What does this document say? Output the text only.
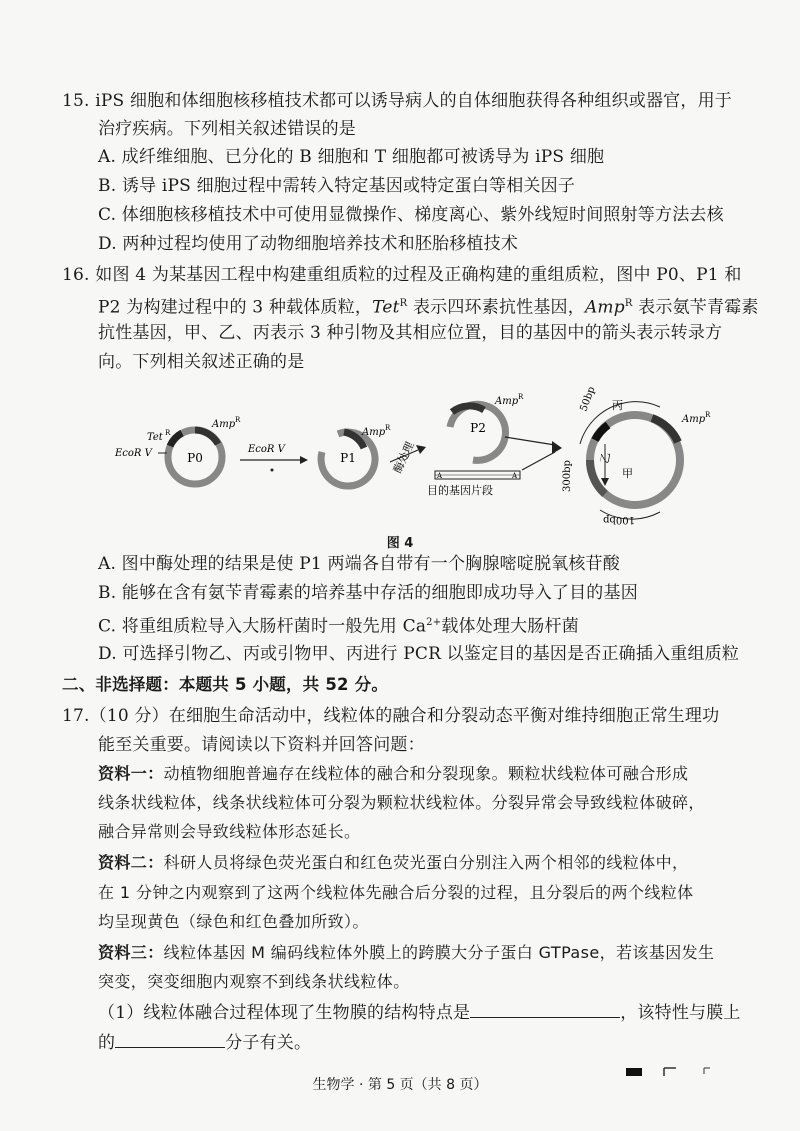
15. iPS 细胞和体细胞核移植技术都可以诱导病人的自体细胞获得各种组织或器官，用于
治疗疾病。下列相关叙述错误的是
A. 成纤维细胞、已分化的 B 细胞和 T 细胞都可被诱导为 iPS 细胞
B. 诱导 iPS 细胞过程中需转入特定基因或特定蛋白等相关因子
C. 体细胞核移植技术中可使用显微操作、梯度离心、紫外线短时间照射等方法去核
D. 两种过程均使用了动物细胞培养技术和胚胎移植技术
16. 如图 4 为某基因工程中构建重组质粒的过程及正确构建的重组质粒，图中 P0、P1 和
P2 为构建过程中的 3 种载体质粒，Tet$^R$ 表示四环素抗性基因，Amp$^R$ 表示氨苄青霉素
抗性基因，甲、乙、丙表示 3 种引物及其相应位置，目的基因中的箭头表示转录方
向。下列相关叙述正确的是
P0
Amp R
Tet R
EcoR V	EcoR V
P1
Amp R
酶处理
P2
Amp R
A	A
目的基因片段
Amp R
50bp 丙
300bp
乙
甲
100bp
图 4
A. 图中酶处理的结果是使 P1 两端各自带有一个胸腺嘧啶脱氧核苷酸
B. 能够在含有氨苄青霉素的培养基中存活的细胞即成功导入了目的基因
C. 将重组质粒导入大肠杆菌时一般先用 $Ca^{2+}$载体处理大肠杆菌
D. 可选择引物乙、丙或引物甲、丙进行 PCR 以鉴定目的基因是否正确插入重组质粒
二、非选择题：本题共 5 小题，共 52 分。
17.（10 分）在细胞生命活动中，线粒体的融合和分裂动态平衡对维持细胞正常生理功
能至关重要。请阅读以下资料并回答问题：
资料一：动植物细胞普遍存在线粒体的融合和分裂现象。颗粒状线粒体可融合形成
线条状线粒体，线条状线粒体可分裂为颗粒状线粒体。分裂异常会导致线粒体破碎，
融合异常则会导致线粒体形态延长。
资料二：科研人员将绿色荧光蛋白和红色荧光蛋白分别注入两个相邻的线粒体中，
在 1 分钟之内观察到了这两个线粒体先融合后分裂的过程，且分裂后的两个线粒体
均呈现黄色（绿色和红色叠加所致）。
资料三：线粒体基因 M 编码线粒体外膜上的跨膜大分子蛋白 GTPase，若该基因发生
突变，突变细胞内观察不到线条状线粒体。
（1）线粒体融合过程体现了生物膜的结构特点是	，该特性与膜上
的	分子有关。
生物学 · 第 5 页（共 8 页）
